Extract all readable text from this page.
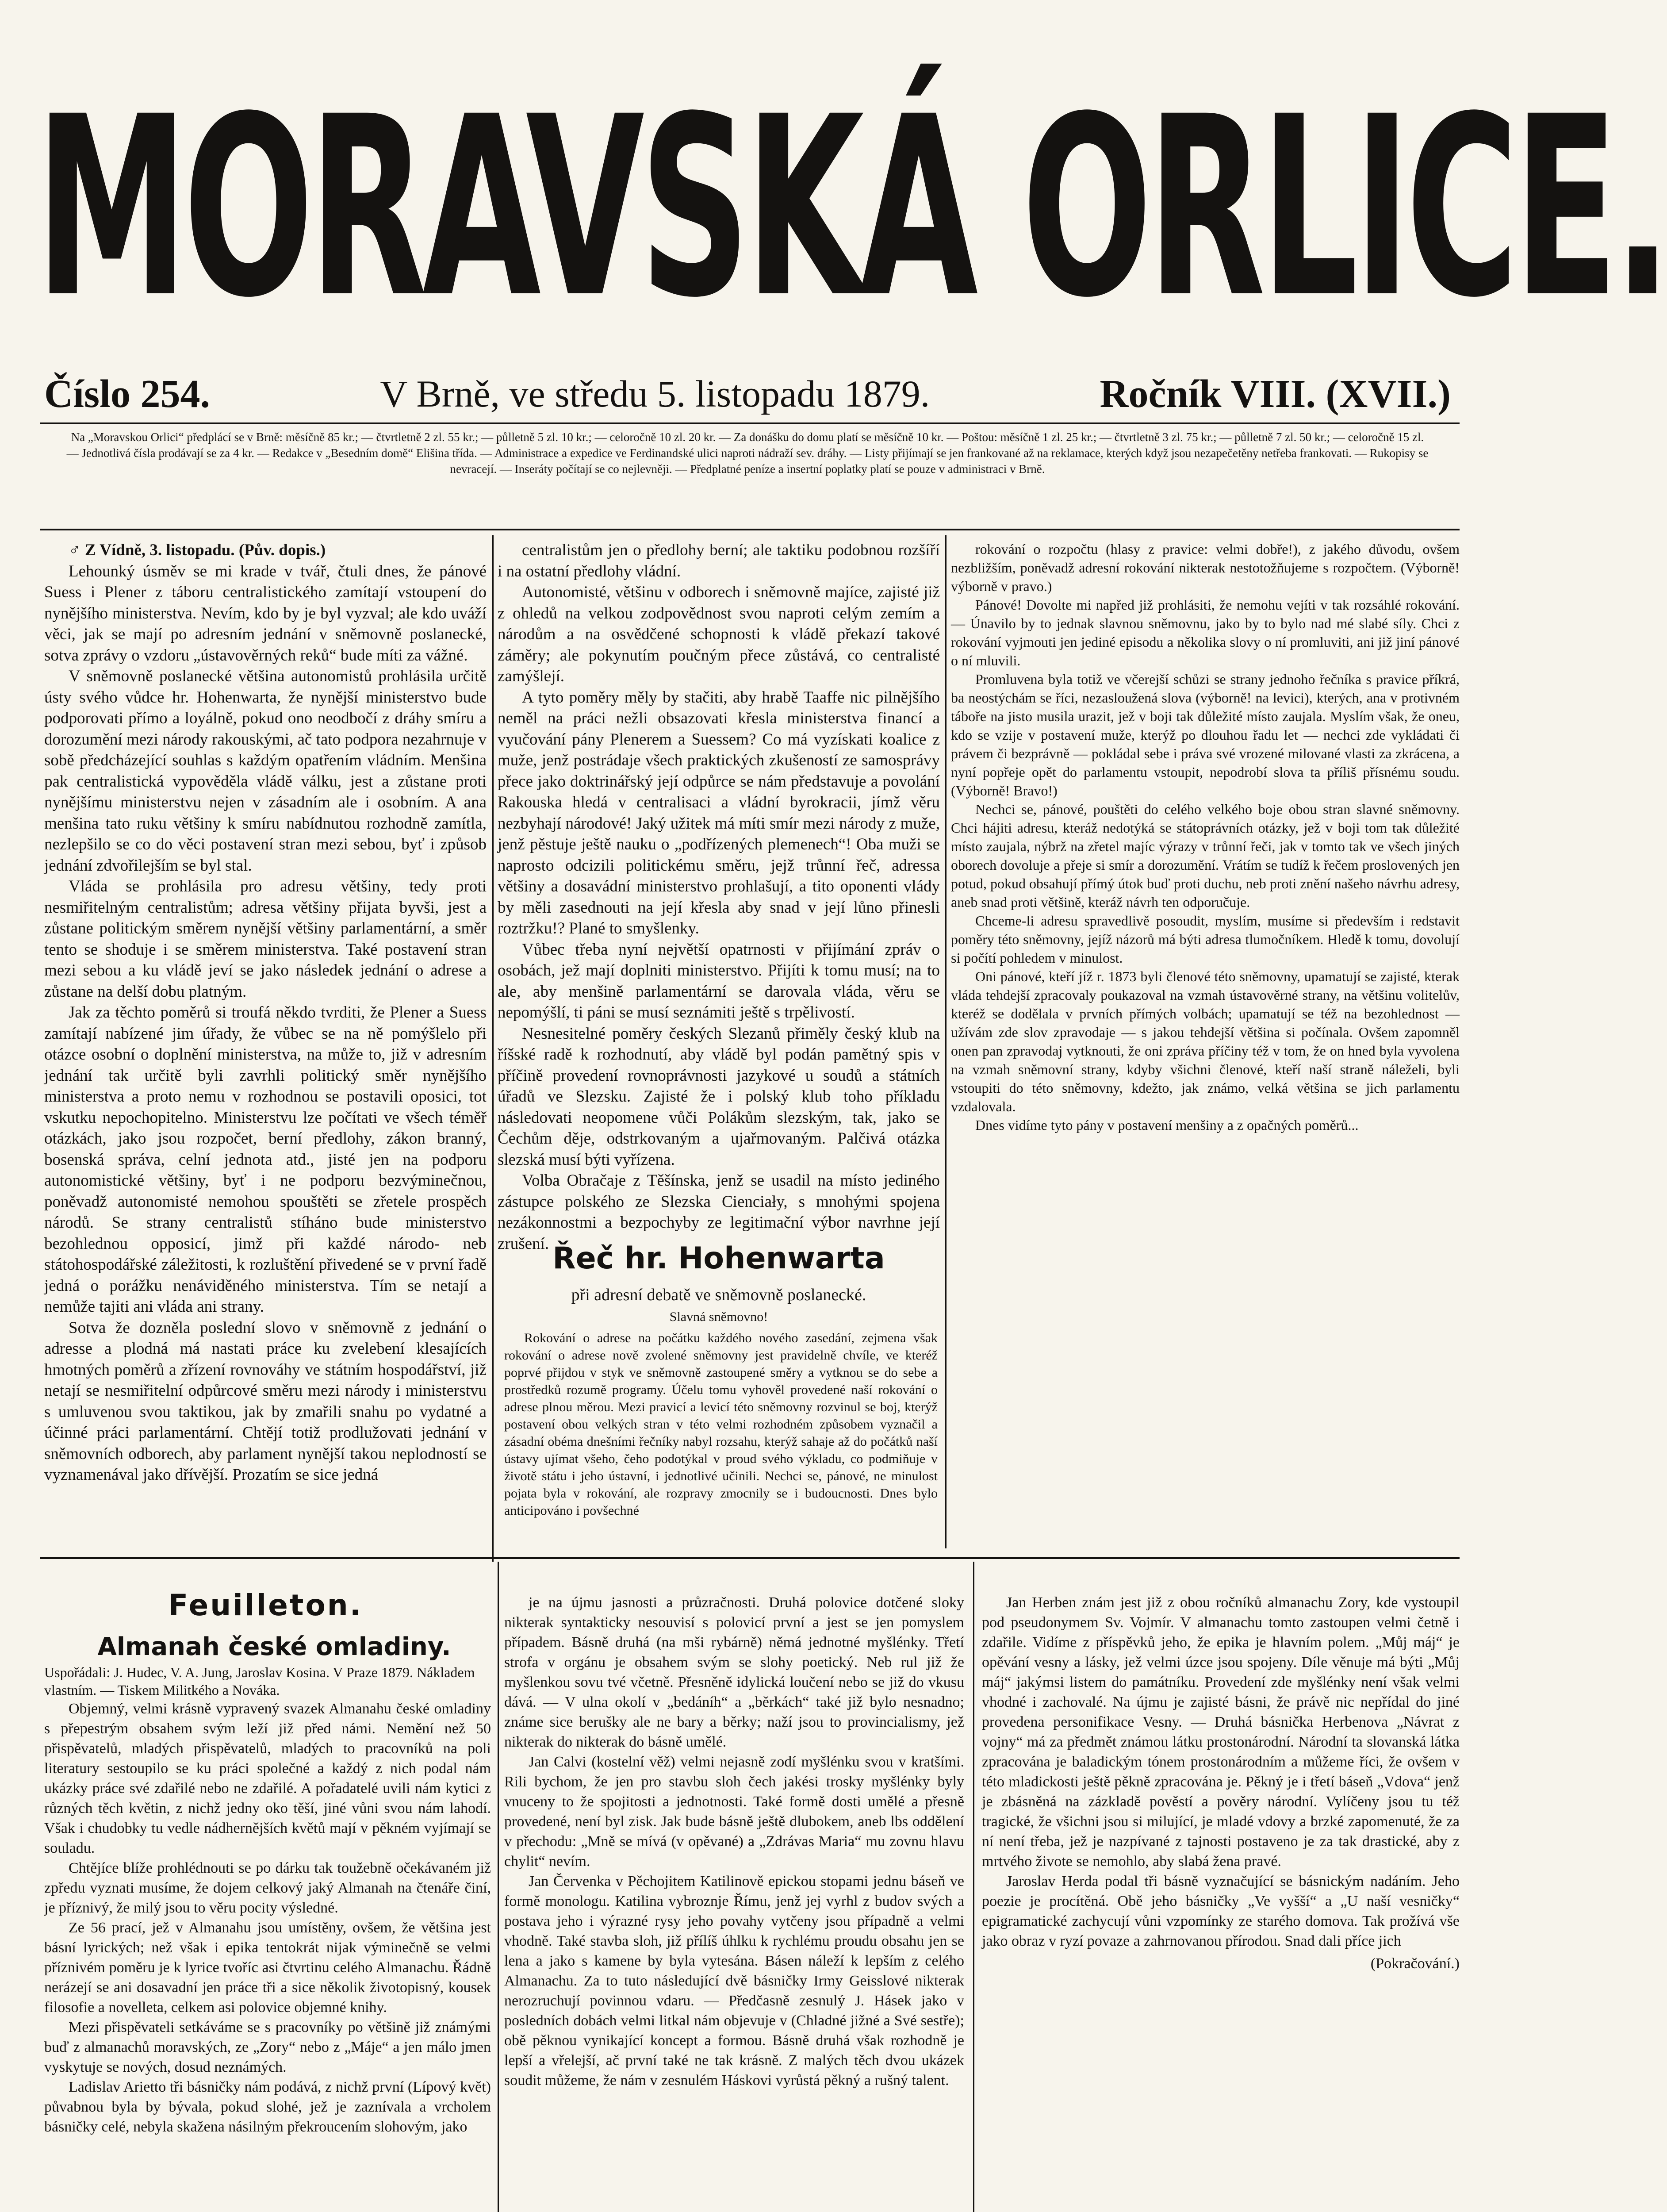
MORAVSKÁ ORLICE.
Číslo 254.	V Brně, ve středu 5. listopadu 1879.	Ročník VIII. (XVII.)
Na „Moravskou Orlici“ předplácí se v Brně: měsíčně 85 kr.; — čtvrtletně 2 zl. 55 kr.; — půlletně 5 zl. 10 kr.; — celoročně 10 zl. 20 kr. — Za donášku do domu platí se měsíčně 10 kr. — Poštou: měsíčně 1 zl. 25 kr.; — čtvrtletně 3 zl. 75 kr.; — půlletně 7 zl. 50 kr.; — celoročně 15 zl. — Jednotlivá čísla prodávají se za 4 kr. — Redakce v „Besedním domě“ Elišina třída. — Administrace a expedice ve Ferdinandské ulici naproti nádraží sev. dráhy. — Listy přijímají se jen frankované až na reklamace, kterých když jsou nezapečetěny netřeba frankovati. — Rukopisy se nevracejí. — Inseráty počítají se co nejlevněji. — Předplatné peníze a insertní poplatky platí se pouze v administraci v Brně.

♂ Z Vídně, 3. listopadu. (Pův. dopis.)

Lehounký úsměv se mi krade v tvář, čtuli dnes, že pánové Suess i Plener z táboru centralistického zamítají vstoupení do nynějšího ministerstva. Nevím, kdo by je byl vyzval; ale kdo uváží věci, jak se mají po adresním jednání v sněmovně poslanecké, sotva zprávy o vzdoru „ústavověrných reků“ bude míti za vážné.

V sněmovně poslanecké většina autonomistů prohlásila určitě ústy svého vůdce hr. Hohenwarta, že nynější ministerstvo bude podporovati přímo a loyálně, pokud ono neodbočí z dráhy smíru a dorozumění mezi národy rakouskými, ač tato podpora nezahrnuje v sobě předcházející souhlas s každým opatřením vládním. Menšina pak centralistická vypověděla vládě válku, jest a zůstane proti nynějšímu ministerstvu nejen v zásadním ale i osobním. A ana menšina tato ruku většiny k smíru nabídnutou rozhodně zamítla, nezlepšilo se co do věci postavení stran mezi sebou, byť i způsob jednání zdvořilejším se byl stal.

Vláda se prohlásila pro adresu většiny, tedy proti nesmiřitelným centralistům; adresa většiny přijata byvši, jest a zůstane politickým směrem nynější většiny parlamentární, a směr tento se shoduje i se směrem ministerstva. Také postavení stran mezi sebou a ku vládě jeví se jako následek jednání o adrese a zůstane na delší dobu platným.

Jak za těchto poměrů si troufá někdo tvrditi, že Plener a Suess zamítají nabízené jim úřady, že vůbec se na ně pomýšlelo při otázce osobní o doplnění ministerstva, na může to, již v adresním jednání tak určitě byli zavrhli politický směr nynějšího ministerstva a proto nemu v rozhodnou se postavili oposici, tot vskutku nepochopitelno. Ministerstvu lze počítati ve všech téměř otázkách, jako jsou rozpočet, berní předlohy, zákon branný, bosenská správa, celní jednota atd., jisté jen na podporu autonomistické většiny, byť i ne podporu bezvýminečnou, poněvadž autonomisté nemohou spouštěti se zřetele prospěch národů. Se strany centralistů stíháno bude ministerstvo bezohlednou opposicí, jimž při každé národo- neb státohospodářské záležitosti, k rozluštění přivedené se v první řadě jedná o porážku nenáviděného ministerstva. Tím se netají a nemůže tajiti ani vláda ani strany.

Sotva že dozněla poslední slovo v sněmovně z jednání o adresse a plodná má nastati práce ku zvelebení klesajících hmotných poměrů a zřízení rovnováhy ve státním hospodářství, již netají se nesmiřitelní odpůrcové směru mezi národy i ministerstvu s umluvenou svou taktikou, jak by zmařili snahu po vydatné a účinné práci parlamentární. Chtějí totiž prodlužovati jednání v sněmovních odborech, aby parlament nynější takou neplodností se vyznamenával jako dřívější. Prozatím se sice jedná

centralistům jen o předlohy berní; ale taktiku podobnou rozšíří i na ostatní předlohy vládní.

Autonomisté, většinu v odborech i sněmovně majíce, zajisté již z ohledů na velkou zodpovědnost svou naproti celým zemím a národům a na osvědčené schopnosti k vládě překazí takové záměry; ale pokynutím poučným přece zůstává, co centralisté zamýšlejí.

A tyto poměry měly by stačiti, aby hrabě Taaffe nic pilnějšího neměl na práci nežli obsazovati křesla ministerstva financí a vyučování pány Plenerem a Suessem? Co má vyzískati koalice z muže, jenž postrádaje všech praktických zkušeností ze samosprávy přece jako doktrinářský její odpůrce se nám představuje a povolání Rakouska hledá v centralisaci a vládní byrokracii, jímž věru nezbyhají národové! Jaký užitek má míti smír mezi národy z muže, jenž pěstuje ještě nauku o „podřízených plemenech“! Oba muži se naprosto odcizili politickému směru, jejž trůnní řeč, adressa většiny a dosavádní ministerstvo prohlašují, a tito oponenti vlády by měli zasednouti na její křesla aby snad v její lůno přinesli roztržku!? Plané to smyšlenky.

Vůbec třeba nyní největší opatrnosti v přijímání zpráv o osobách, jež mají doplniti ministerstvo. Přijíti k tomu musí; na to ale, aby menšině parlamentární se darovala vláda, věru se nepomýšlí, ti páni se musí seznámiti ještě s trpělivostí.

Nesnesitelné poměry českých Slezanů přiměly český klub na říšské radě k rozhodnutí, aby vládě byl podán pamětný spis v příčině provedení rovnoprávnosti jazykové u soudů a státních úřadů ve Slezsku. Zajisté že i polský klub toho příkladu následovati neopomene vůči Polákům slezským, tak, jako se Čechům děje, odstrkovaným a ujařmovaným. Palčivá otázka slezská musí býti vyřízena.

Volba Obračaje z Těšínska, jenž se usadil na místo jediného zástupce polského ze Slezska Cienciały, s mnohými spojena nezákonnostmi a bezpochyby ze legitimační výbor navrhne její zrušení.

rokování o rozpočtu (hlasy z pravice: velmi dobře!), z jakého důvodu, ovšem nezbližším, poněvadž adresní rokování nikterak nestotožňujeme s rozpočtem. (Výborně! výborně v pravo.)

Pánové! Dovolte mi napřed již prohlásiti, že nemohu vejíti v tak rozsáhlé rokování. — Únavilo by to jednak slavnou sněmovnu, jako by to bylo nad mé slabé síly. Chci z rokování vyjmouti jen jediné episodu a několika slovy o ní promluviti, ani již jiní pánové o ní mluvili.

Promluvena byla totiž ve včerejší schůzi se strany jednoho řečníka s pravice příkrá, ba neostýchám se říci, nezasloužená slova (výborně! na levici), kterých, ana v protivném táboře na jisto musila urazit, jež v boji tak důležité místo zaujala. Myslím však, že oneu, kdo se vzije v postavení muže, kterýž po dlouhou řadu let — nechci zde vykládati či právem či bezprávně — pokládal sebe i práva své vrozené milované vlasti za zkrácena, a nyní popřeje opět do parlamentu vstoupit, nepodrobí slova ta příliš přísnému soudu. (Výborně! Bravo!)

Nechci se, pánové, pouštěti do celého velkého boje obou stran slavné sněmovny. Chci hájiti adresu, kteráž nedotýká se státoprávních otázky, jež v boji tom tak důležité místo zaujala, nýbrž na zřetel majíc výrazy v trůnní řeči, jak v tomto tak ve všech jiných oborech dovoluje a přeje si smír a dorozumění. Vrátím se tudíž k řečem proslovených jen potud, pokud obsahují přímý útok buď proti duchu, neb proti znění našeho návrhu adresy, aneb snad proti většině, kteráž návrh ten odporučuje.

Chceme-li adresu spravedlivě posoudit, myslím, musíme si především i redstavit poměry této sněmovny, jejíž názorů má býti adresa tlumočníkem. Hledě k tomu, dovolují si počítí pohledem v minulost.

Oni pánové, kteří jíž r. 1873 byli členové této sněmovny, upamatují se zajisté, kterak vláda tehdejší zpracovaly poukazoval na vzmah ústavověrné strany, na většinu volitelův, kteréž se dodělala v prvních přímých volbách; upamatují se též na bezohlednost — užívám zde slov zpravodaje — s jakou tehdejší většina si počínala. Ovšem zapomněl onen pan zpravodaj vytknouti, že oni zpráva příčiny též v tom, že on hned byla vyvolena na vzmah sněmovní strany, kdyby všichni členové, kteří naší straně náleželi, byli vstoupiti do této sněmovny, kdežto, jak známo, velká většina se jich parlamentu vzdalovala.

Dnes vidíme tyto pány v postavení menšiny a z opačných poměrů...

Řeč hr. Hohenwarta
při adresní debatě ve sněmovně poslanecké.
Slavná sněmovno!

Rokování o adrese na počátku každého nového zasedání, zejmena však rokování o adrese nově zvolené sněmovny jest pravidelně chvíle, ve kteréž poprvé přijdou v styk ve sněmovně zastoupené směry a vytknou se do sebe a prostředků rozumě programy. Účelu tomu vyhověl provedené naší rokování o adrese plnou měrou. Mezi pravicí a levicí této sněmovny rozvinul se boj, kterýž postavení obou velkých stran v této velmi rozhodném způsobem vyznačil a zásadní obéma dnešními řečníky nabyl rozsahu, kterýž sahaje až do počátků naší ústavy ujímat všeho, čeho podotýkal v proud svého výkladu, co podmiňuje v životě státu i jeho ústavní, i jednotlivé učinili. Nechci se, pánové, ne minulost pojata byla v rokování, ale rozpravy zmocnily se i budoucnosti. Dnes bylo anticipováno i povšechné

Feuilleton.
Almanah české omladiny.
Uspořádali: J. Hudec, V. A. Jung, Jaroslav Kosina. V Praze 1879. Nákladem vlastním. — Tiskem Militkého a Nováka.

Objemný, velmi krásně vypravený svazek Almanahu české omladiny s přepestrým obsahem svým leží již před námi. Nemění než 50 přispěvatelů, mladých přispěvatelů, mladých to pracovníků na poli literatury sestoupilo se ku práci společné a každý z nich podal nám ukázky práce své zdařilé nebo ne zdařilé. A pořadatelé uvili nám kytici z různých těch květin, z nichž jedny oko těší, jiné vůni svou nám lahodí. Však i chudobky tu vedle nádhernějších květů mají v pěkném vyjímají se souladu.

Chtějíce blíže prohlédnouti se po dárku tak toužebně očekávaném již zpředu vyznati musíme, že dojem celkový jaký Almanah na čtenáře činí, je příznivý, že milý jsou to věru pocity výsledné.

Ze 56 prací, jež v Almanahu jsou umístěny, ovšem, že většina jest básní lyrických; než však i epika tentokrát nijak výminečně se velmi příznivém poměru je k lyrice tvoříc asi čtvrtinu celého Almanachu. Řádně nerázejí se ani dosavadní jen práce tři a sice několik životopisný, kousek filosofie a novelleta, celkem asi polovice objemné knihy.

Mezi přispěvateli setkáváme se s pracovníky po většině již známými buď z almanachů moravských, ze „Zory“ nebo z „Máje“ a jen málo jmen vyskytuje se nových, dosud neznámých.

Ladislav Arietto tři básničky nám podává, z nichž první (Lípový květ) půvabnou byla by bývala, pokud slohé, jež je zaznívala a vrcholem básničky celé, nebyla skažena násilným překroucením slohovým, jako

je na újmu jasnosti a průzračnosti. Druhá polovice dotčené sloky nikterak syntakticky nesouvisí s polovicí první a jest se jen pomyslem případem. Básně druhá (na mši rybárně) němá jednotné myšlénky. Třetí strofa v orgánu je obsahem svým se slohy poetický. Neb rul již že myšlenkou sovu tvé včetně. Přesněně idylická loučení nebo se již do vkusu dává. — V ulna okolí v „bedáníh“ a „běrkách“ také již bylo nesnadno; známe sice berušky ale ne bary a běrky; naží jsou to provincialismy, jež nikterak do nikterak do básně umělé.

Jan Calvi (kostelní věž) velmi nejasně zodí myšlénku svou v kratšími. Rili bychom, že jen pro stavbu sloh čech jakési trosky myšlénky byly vnuceny to že spojitosti a jednotnosti. Také formě dosti umělé a přesně provedené, není byl zisk. Jak bude básně ještě dlubokem, aneb lbs oddělení v přechodu: „Mně se mívá (v opěvané) a „Zdrávas Maria“ mu zovnu hlavu chylit“ nevím.

Jan Červenka v Pěchojitem Katilinově epickou stopami jednu báseň ve formě monologu. Katilina vybroznje Římu, jenž jej vyrhl z budov svých a postava jeho i výrazné rysy jeho povahy vytčeny jsou případně a velmi vhodně. Také stavba sloh, již přílíš úhlku k rychlému proudu obsahu jen se lena a jako s kamene by byla vytesána. Básen náleží k lepším z celého Almanachu. Za to tuto následující dvě básničky Irmy Geisslové nikterak nerozruchují povinnou vdaru. — Předčasně zesnulý J. Hásek jako v posledních dobách velmi litkal nám objevuje v (Chladné jižné a Své sestře); obě pěknou vynikající koncept a formou. Básně druhá však rozhodně je lepší a vřelejší, ač první také ne tak krásně. Z malých těch dvou ukázek soudit můžeme, že nám v zesnulém Háskovi vyrůstá pěkný a rušný talent.

Jan Herben znám jest již z obou ročníků almanachu Zory, kde vystoupil pod pseudonymem Sv. Vojmír. V almanachu tomto zastoupen velmi četně i zdařile. Vidíme z příspěvků jeho, že epika je hlavním polem. „Můj máj“ je opěvání vesny a lásky, jež velmi úzce jsou spojeny. Díle věnuje má býti „Můj máj“ jakýmsi listem do památníku. Provedení zde myšlénky není však velmi vhodné i zachovalé. Na újmu je zajisté básni, že právě nic nepřídal do jiné provedena personifikace Vesny. — Druhá básnička Herbenova „Návrat z vojny“ má za předmět známou látku prostonárodní. Národní ta slovanská látka zpracována je baladickým tónem prostonárodním a můžeme říci, že ovšem v této mladickosti ještě pěkně zpracována je. Pěkný je i třetí báseň „Vdova“ jenž je zbásněná na zázkladě pověstí a pověry národní. Vylíčeny jsou tu též tragické, že všichni jsou si milující, je mladé vdovy a brzké zapomenuté, že za ní není třeba, jež je nazpívané z tajnosti postaveno je za tak drastické, aby z mrtvého živote se nemohlo, aby slabá žena pravé.

Jaroslav Herda podal tři básně vyznačující se básnickým nadáním. Jeho poezie je procítěná. Obě jeho básničky „Ve vyšší“ a „U naší vesničky“ epigramatické zachycují vůni vzpomínky ze starého domova. Tak prožívá vše jako obraz v ryzí povaze a zahrnovanou přírodou. Snad dali příce jich

(Pokračování.)
